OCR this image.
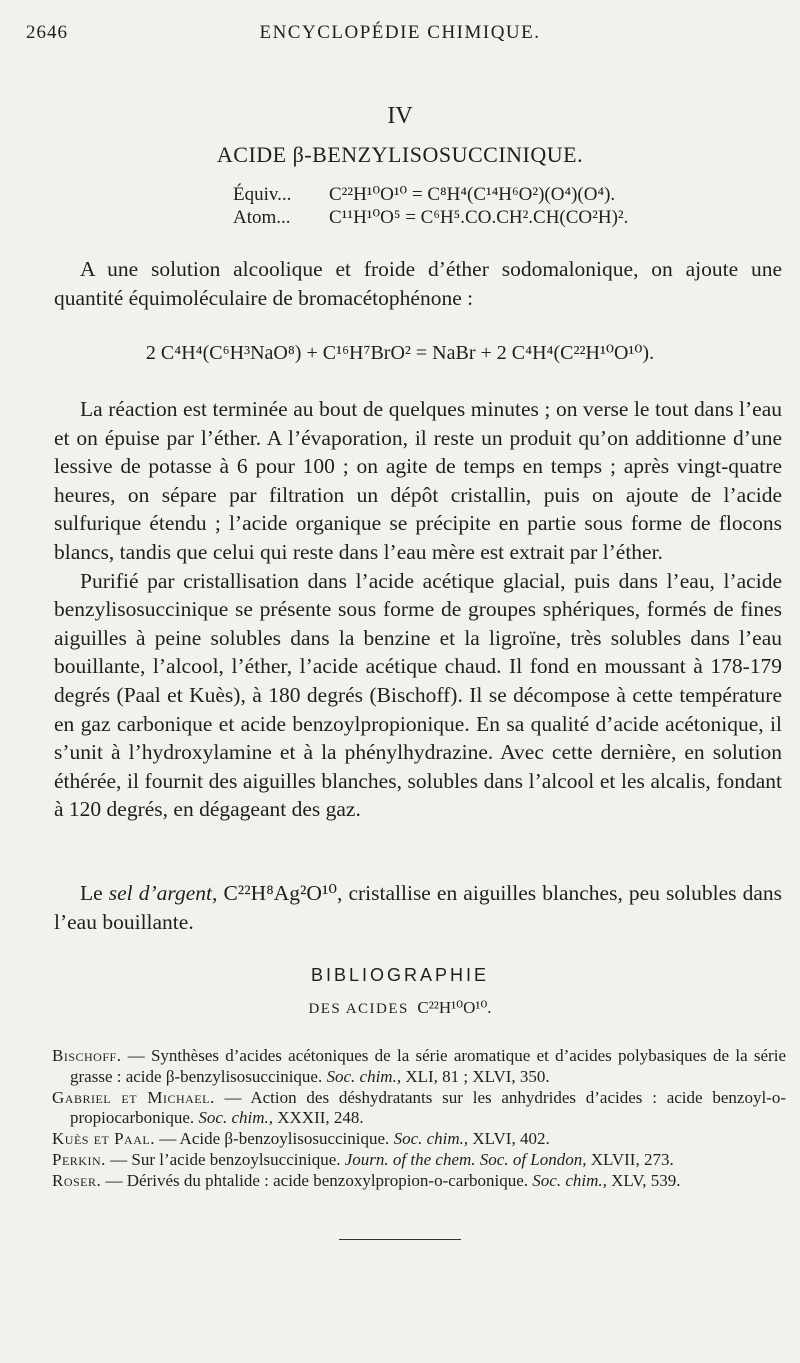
2646	ENCYCLOPÉDIE CHIMIQUE.
IV
ACIDE β-BENZYLISOSUCCINIQUE.
Équiv... C²²H¹⁰O¹⁰ = C⁸H⁴(C¹⁴H⁶O²)(O⁴)(O⁴).
Atom... C¹¹H¹⁰O⁵ = C⁶H⁵.CO.CH².CH(CO²H)².

A une solution alcoolique et froide d’éther sodomalonique, on ajoute une quantité équimoléculaire de bromacétophénone :

2 C⁴H⁴(C⁶H³NaO⁸) + C¹⁶H⁷BrO² = NaBr + 2 C⁴H⁴(C²²H¹⁰O¹⁰).

La réaction est terminée au bout de quelques minutes ; on verse le tout dans l’eau et on épuise par l’éther. A l’évaporation, il reste un produit qu’on additionne d’une lessive de potasse à 6 pour 100 ; on agite de temps en temps ; après vingt-quatre heures, on sépare par filtration un dépôt cristallin, puis on ajoute de l’acide sulfurique étendu ; l’acide organique se précipite en partie sous forme de flocons blancs, tandis que celui qui reste dans l’eau mère est extrait par l’éther.

Purifié par cristallisation dans l’acide acétique glacial, puis dans l’eau, l’acide benzylisosuccinique se présente sous forme de groupes sphériques, formés de fines aiguilles à peine solubles dans la benzine et la ligroïne, très solubles dans l’eau bouillante, l’alcool, l’éther, l’acide acétique chaud. Il fond en moussant à 178-179 degrés (Paal et Kuès), à 180 degrés (Bischoff). Il se décompose à cette température en gaz carbonique et acide benzoylpropionique. En sa qualité d’acide acétonique, il s’unit à l’hydroxylamine et à la phénylhydrazine. Avec cette dernière, en solution éthérée, il fournit des aiguilles blanches, solubles dans l’alcool et les alcalis, fondant à 120 degrés, en dégageant des gaz.

Le sel d’argent, C²²H⁸Ag²O¹⁰, cristallise en aiguilles blanches, peu solubles dans l’eau bouillante.

BIBLIOGRAPHIE
DES ACIDES C²²H¹⁰O¹⁰.
Bischoff. — Synthèses d’acides acétoniques de la série aromatique et d’acides polybasiques de la série grasse : acide β-benzylisosuccinique. Soc. chim., XLI, 81 ; XLVI, 350.
Gabriel et Michael. — Action des déshydratants sur les anhydrides d’acides : acide benzoyl-o-propiocarbonique. Soc. chim., XXXII, 248.
Kuès et Paal. — Acide β-benzoylisosuccinique. Soc. chim., XLVI, 402.
Perkin. — Sur l’acide benzoylsuccinique. Journ. of the chem. Soc. of London, XLVII, 273.
Roser. — Dérivés du phtalide : acide benzoxylpropion-o-carbonique. Soc. chim., XLV, 539.
